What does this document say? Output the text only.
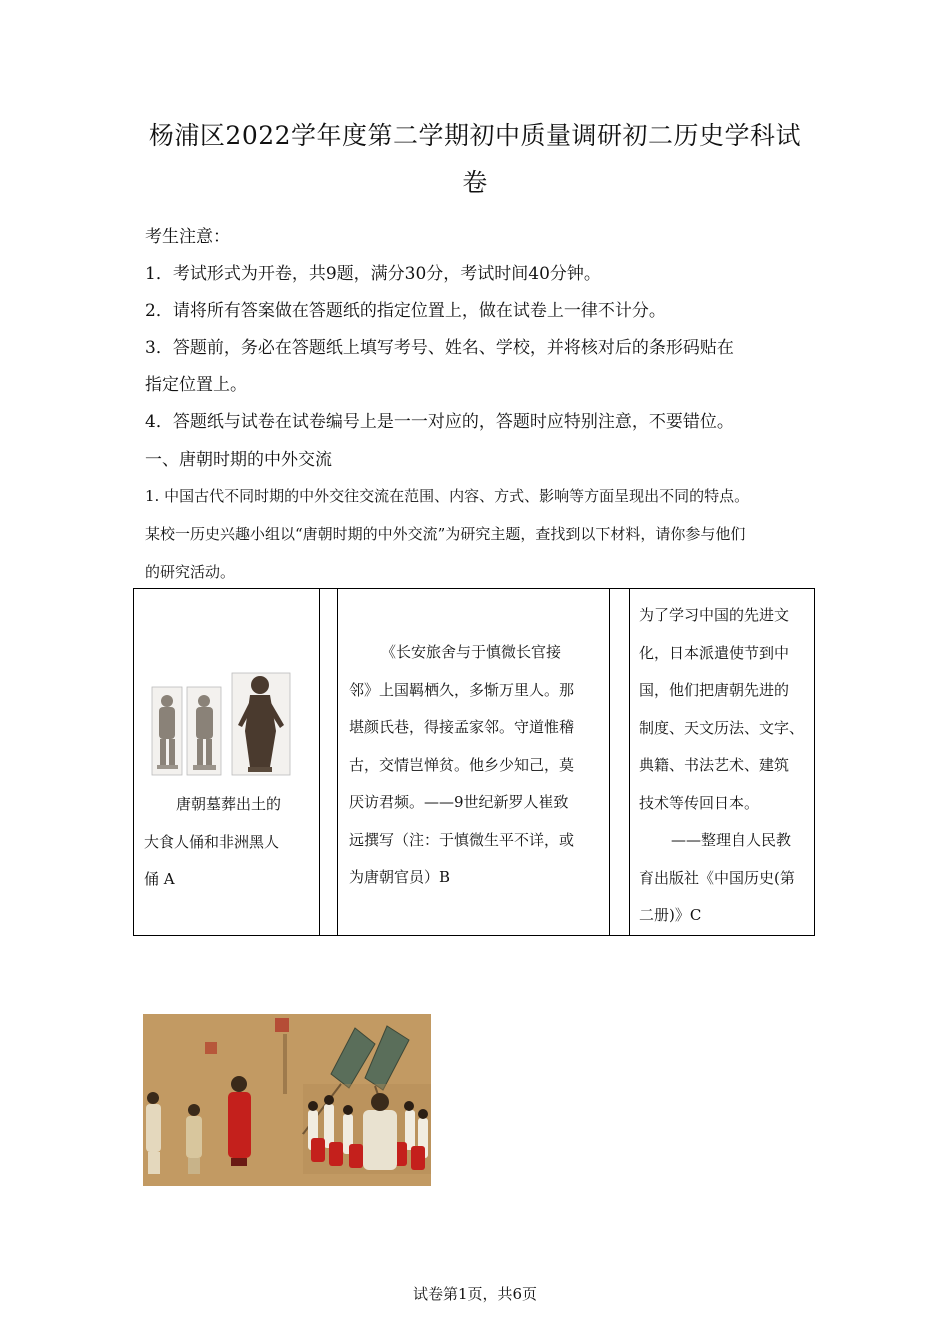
杨浦区2022学年度第二学期初中质量调研初二历史学科试
卷
考生注意：
1．考试形式为开卷，共9题，满分30分，考试时间40分钟。
2．请将所有答案做在答题纸的指定位置上，做在试卷上一律不计分。
3．答题前，务必在答题纸上填写考号、姓名、学校，并将核对后的条形码贴在
指定位置上。
4．答题纸与试卷在试卷编号上是一一对应的，答题时应特别注意，不要错位。
一、唐朝时期的中外交流
1. 中国古代不同时期的中外交往交流在范围、内容、方式、影响等方面呈现出不同的特点。
某校一历史兴趣小组以“唐朝时期的中外交流”为研究主题，查找到以下材料，请你参与他们
的研究活动。
唐朝墓葬出土的
大食人俑和非洲黑人
俑 A
《长安旅舍与于慎微长官接
邻》上国羁栖久，多惭万里人。那
堪颜氏巷，得接孟家邻。守道惟稽
古，交情岂惮贫。他乡少知己，莫
厌访君频。——9世纪新罗人崔致
远撰写（注：于慎微生平不详，或
为唐朝官员）B
为了学习中国的先进文
化，日本派遣使节到中
国，他们把唐朝先进的
制度、天文历法、文字、
典籍、书法艺术、建筑
技术等传回日本。
——整理自人民教
育出版社《中国历史(第
二册)》C
试卷第1页，共6页
